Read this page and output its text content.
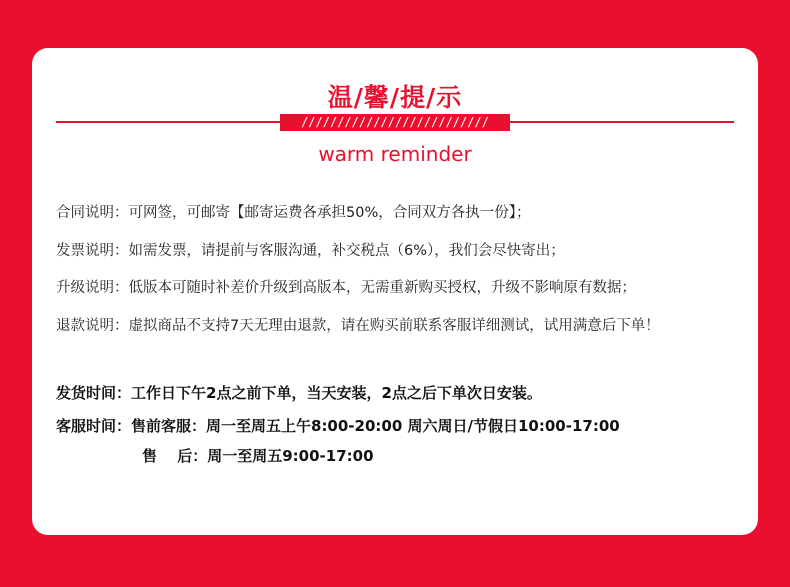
温/馨/提/示
//////////////////////////
warm reminder
合同说明：可网签，可邮寄【邮寄运费各承担50%，合同双方各执一份】；
发票说明：如需发票，请提前与客服沟通，补交税点（6%），我们会尽快寄出；
升级说明：低版本可随时补差价升级到高版本，无需重新购买授权，升级不影响原有数据；
退款说明：虚拟商品不支持7天无理由退款，请在购买前联系客服详细测试，试用满意后下单！
发货时间：工作日下午2点之前下单，当天安装，2点之后下单次日安装。
客服时间：售前客服：周一至周五上午8:00-20:00 周六周日/节假日10:00-17:00
售　 后：周一至周五9:00-17:00
